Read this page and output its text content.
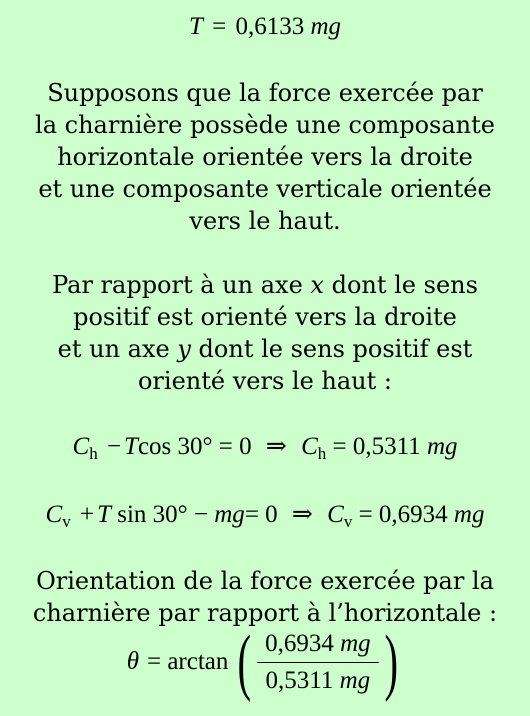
T = 0,6133 mg
Supposons que la force exercée par
la charnière possède une composante
horizontale orientée vers la droite
et une composante verticale orientée
vers le haut.
Par rapport à un axe x dont le sens
positif est orienté vers la droite
et un axe y dont le sens positif est
orienté vers le haut :
$C_h - Tcos$ 30° = 0 ⇒ $C_h = 0,5311$ mg
$C_v + T$ sin 30° − mg= 0 ⇒ $C_v = 0,6934$ mg
Orientation de la force exercée par la
charnière par rapport à l’horizontale :
θ = arctan ( $\frac{0,6934 mg}{0,5311 mg}$ )
